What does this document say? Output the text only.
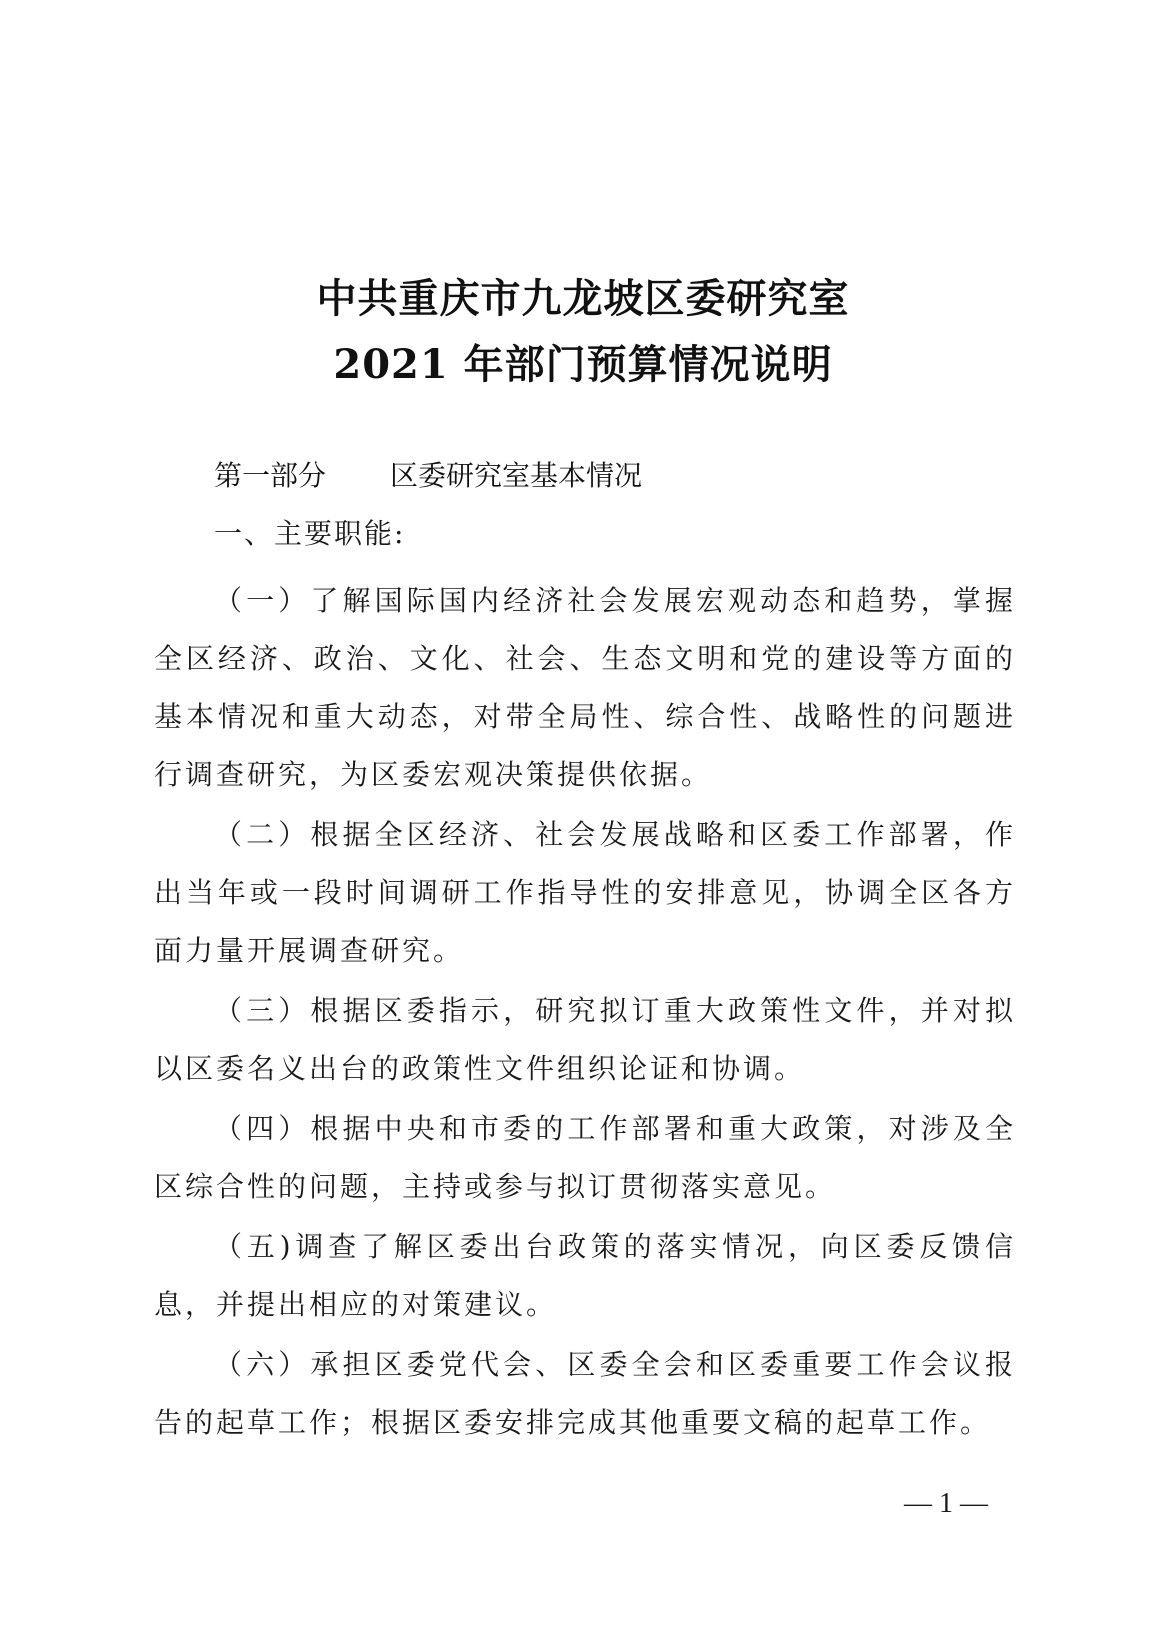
中共重庆市九龙坡区委研究室
2021 年部门预算情况说明
第一部分 区委研究室基本情况
一、主要职能:

（一）了解国际国内经济社会发展宏观动态和趋势，掌握全区经济、政治、文化、社会、生态文明和党的建设等方面的基本情况和重大动态，对带全局性、综合性、战略性的问题进行调查研究，为区委宏观决策提供依据。

（二）根据全区经济、社会发展战略和区委工作部署，作出当年或一段时间调研工作指导性的安排意见，协调全区各方面力量开展调查研究。

（三）根据区委指示，研究拟订重大政策性文件，并对拟以区委名义出台的政策性文件组织论证和协调。

（四）根据中央和市委的工作部署和重大政策，对涉及全区综合性的问题，主持或参与拟订贯彻落实意见。

（五)调查了解区委出台政策的落实情况，向区委反馈信息，并提出相应的对策建议。

（六）承担区委党代会、区委全会和区委重要工作会议报告的起草工作；根据区委安排完成其他重要文稿的起草工作。

— 1 —
